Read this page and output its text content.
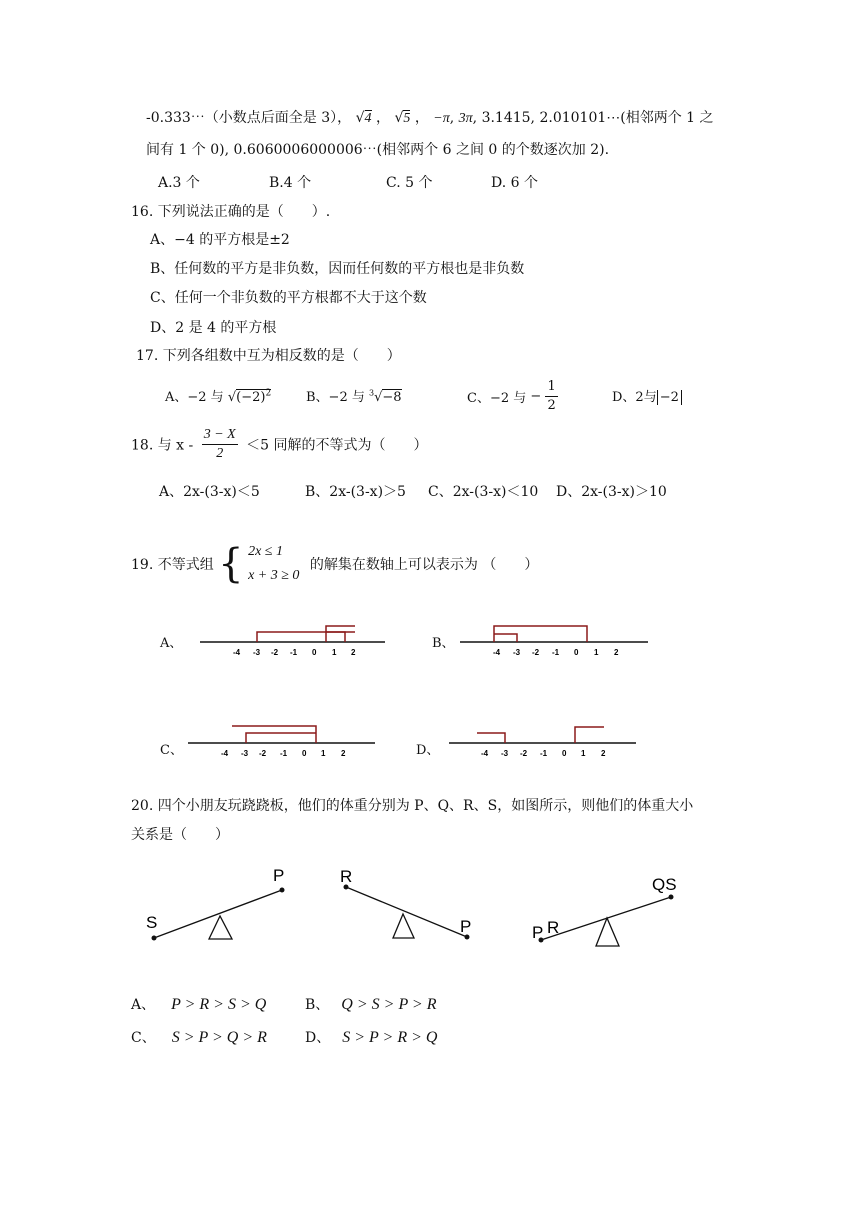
-0.333⋯（小数点后面全是 3）， √4 ， √5 ， −π, 3π, 3.1415, 2.010101⋯(相邻两个 1 之
间有 1 个 0), 0.6060006000006⋯(相邻两个 6 之间 0 的个数逐次加 2).
A.3 个	B.4 个	C. 5 个	D. 6 个
16. 下列说法正确的是（　　）.
A、−4 的平方根是±2
B、任何数的平方是非负数，因而任何数的平方根也是非负数
C、任何一个非负数的平方根都不大于这个数
D、2 是 4 的平方根
17. 下列各组数中互为相反数的是（　　）
A、−2 与 $√(-2)^2$	B、−2 与 $^3$√−8	C、−2 与 − $\frac{1}{2}$	D、2与 −2
18. 与 $x - \frac{3 - X}{2} <5$ 同解的不等式为（　　）
A、2x-(3-x)＜5	B、2x-(3-x)＞5 C、2x-(3-x)＜10 D、2x-(3-x)＞10
19. 不等式组 { 2x ≤ 1
x + 3 ≥ 0
的解集在数轴上可以表示为 （　　）
A、	B、
C、	D、
-4 -3 -2 -1 0 1 2	-4 -3 -2 -1 0 1 2
-4 -3 -2 -1 0 1 2	-4 -3 -2 -1 0 1 2
20. 四个小朋友玩跷跷板，他们的体重分别为 P、Q、R、S，如图所示，则他们的体重大小
关系是（　　）
S
P	R
P	P R
QS
A、 P > R > S > Q	B、 Q > S > P > R
C、 S > P > Q > R	D、 S > P > R > Q
